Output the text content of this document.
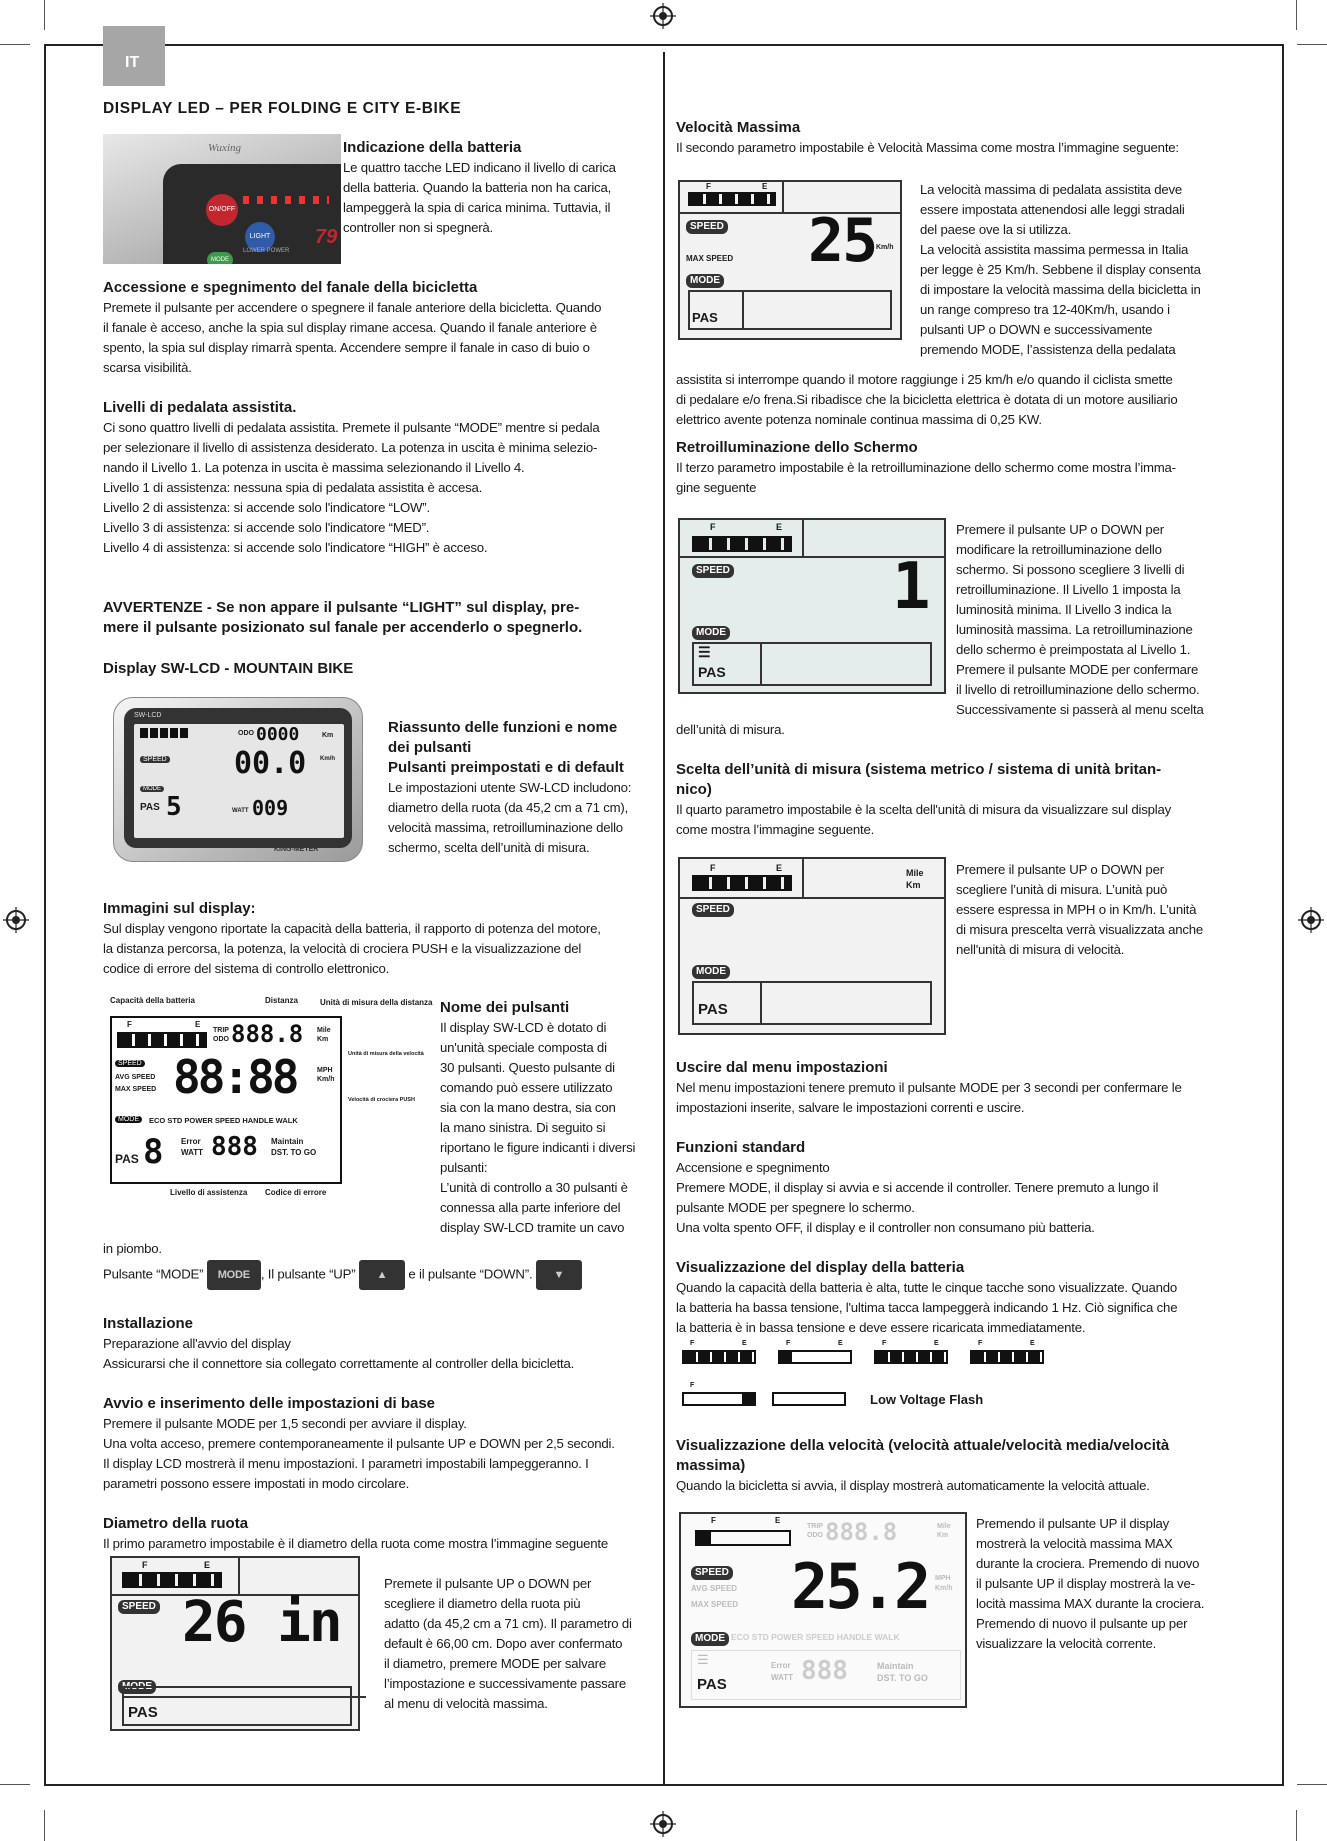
IT
DISPLAY LED – PER FOLDING E CITY E-BIKE
Wuxing
ON/OFF
LIGHT
MODE
LOWER POWER
79
Indicazione della batteria
Le quattro tacche LED indicano il livello di carica
della batteria. Quando la batteria non ha carica,
lampeggerà la spia di carica minima. Tuttavia, il
controller non si spegnerà.
Accessione e spegnimento del fanale della bicicletta
Premete il pulsante per accendere o spegnere il fanale anteriore della bicicletta. Quando
il fanale è acceso, anche la spia sul display rimane accesa. Quando il fanale anteriore è
spento, la spia sul display rimarrà spenta. Accendere sempre il fanale in caso di buio o
scarsa visibilità.
Livelli di pedalata assistita.
Ci sono quattro livelli di pedalata assistita. Premete il pulsante “MODE” mentre si pedala
per selezionare il livello di assistenza desiderato. La potenza in uscita è minima selezio-
nando il Livello 1. La potenza in uscita è massima selezionando il Livello 4.
Livello 1 di assistenza: nessuna spia di pedalata assistita è accesa.
Livello 2 di assistenza: si accende solo l'indicatore “LOW”.
Livello 3 di assistenza: si accende solo l'indicatore “MED”.
Livello 4 di assistenza: si accende solo l'indicatore “HIGH” è acceso.
AVVERTENZE - Se non appare il pulsante “LIGHT” sul display, pre-
mere il pulsante posizionato sul fanale per accenderlo o spegnerlo.
Display SW-LCD - MOUNTAIN BIKE
SW-LCD
ODO 0000	Km
SPEED 00.0 Km/h
MODE
PAS 5	WATT 009
KING-METER
Riassunto delle funzioni e nome
dei pulsanti
Pulsanti preimpostati e di default
Le impostazioni utente SW-LCD includono:
diametro della ruota (da 45,2 cm a 71 cm),
velocità massima, retroilluminazione dello
schermo, scelta dell’unità di misura.
Immagini sul display:
Sul display vengono riportate la capacità della batteria, il rapporto di potenza del motore,
la distanza percorsa, la potenza, la velocità di crociera PUSH e la visualizzazione del
codice di errore del sistema di controllo elettronico.
Capacità della batteria	Distanza	Unità di misura della distanza
Unità di misura della velocità
Velocità di crociera PUSH
Livello di assistenza Codice di errore
F	E
TRIP
ODO 888.8 Mile
Km
SPEED
AVG SPEED
MAX SPEED 88:88	MPH
Km/h
MODE	ECO STD POWER SPEED HANDLE WALK
PAS 8 Error
WATT 888 Maintain
DST. TO GO
Nome dei pulsanti
Il display SW-LCD è dotato di
un'unità speciale composta di
30 pulsanti. Questo pulsante di
comando può essere utilizzato
sia con la mano destra, sia con
la mano sinistra. Di seguito si
riportano le figure indicanti i diversi
pulsanti:
L’unità di controllo a 30 pulsanti è
connessa alla parte inferiore del
display SW-LCD tramite un cavo
in piombo.
Pulsante “MODE” MODE , Il pulsante “UP” ▲ e il pulsante “DOWN”. ▼
Installazione
Preparazione all'avvio del display
Assicurarsi che il connettore sia collegato correttamente al controller della bicicletta.
Avvio e inserimento delle impostazioni di base
Premere il pulsante MODE per 1,5 secondi per avviare il display.
Una volta acceso, premere contemporaneamente il pulsante UP e DOWN per 2,5 secondi.
Il display LCD mostrerà il menu impostazioni. I parametri impostabili lampeggeranno. I
parametri possono essere impostati in modo circolare.
Diametro della ruota
Il primo parametro impostabile è il diametro della ruota come mostra l’immagine seguente
F	E
SPEED 26 in
MODE
PAS
Premete il pulsante UP o DOWN per
scegliere il diametro della ruota più
adatto (da 45,2 cm a 71 cm). Il parametro di
default è 66,00 cm. Dopo aver confermato
il diametro, premere MODE per salvare
l’impostazione e successivamente passare
al menu di velocità massima.
Velocità Massima
Il secondo parametro impostabile è Velocità Massima come mostra l’immagine seguente:
F	E
SPEED
MAX SPEED 25 Km/h
MODE
PAS
La velocità massima di pedalata assistita deve
essere impostata attenendosi alle leggi stradali
del paese ove la si utilizza.
La velocità assistita massima permessa in Italia
per legge è 25 Km/h. Sebbene il display consenta
di impostare la velocità massima della bicicletta in
un range compreso tra 12-40Km/h, usando i
pulsanti UP o DOWN e successivamente
premendo MODE, l’assistenza della pedalata
assistita si interrompe quando il motore raggiunge i 25 km/h e/o quando il ciclista smette
di pedalare e/o frena.Si ribadisce che la bicicletta elettrica è dotata di un motore ausiliario
elettrico avente potenza nominale continua massima di 0,25 KW.
Retroilluminazione dello Schermo
Il terzo parametro impostabile è la retroilluminazione dello schermo come mostra l’imma-
gine seguente
F	E
SPEED	1
MODE
☰
PAS
Premere il pulsante UP o DOWN per
modificare la retroilluminazione dello
schermo. Si possono scegliere 3 livelli di
retroilluminazione. Il Livello 1 imposta la
luminosità minima. Il Livello 3 indica la
luminosità massima. La retroilluminazione
dello schermo è preimpostata al Livello 1.
Premere il pulsante MODE per confermare
il livello di retroilluminazione dello schermo.
Successivamente si passerà al menu scelta
dell’unità di misura.
Scelta dell’unità di misura (sistema metrico / sistema di unità britan-
nico)
Il quarto parametro impostabile è la scelta dell'unità di misura da visualizzare sul display
come mostra l’immagine seguente.
F	E	Mile
Km
SPEED
MODE
PAS
Premere il pulsante UP o DOWN per
scegliere l’unità di misura. L’unità può
essere espressa in MPH o in Km/h. L’unità
di misura prescelta verrà visualizzata anche
nell'unità di misura di velocità.
Uscire dal menu impostazioni
Nel menu impostazioni tenere premuto il pulsante MODE per 3 secondi per confermare le
impostazioni inserite, salvare le impostazioni correnti e uscire.
Funzioni standard
Accensione e spegnimento
Premere MODE, il display si avvia e si accende il controller. Tenere premuto a lungo il
pulsante MODE per spegnere lo schermo.
Una volta spento OFF, il display e il controller non consumano più batteria.
Visualizzazione del display della batteria
Quando la capacità della batteria è alta, tutte le cinque tacche sono visualizzate. Quando
la batteria ha bassa tensione, l'ultima tacca lampeggerà indicando 1 Hz. Ciò significa che
la batteria è in bassa tensione e deve essere ricaricata immediatamente.
F	E	F	E	F	E	F	E
F
Low Voltage Flash
Visualizzazione della velocità (velocità attuale/velocità media/velocità
massima)
Quando la bicicletta si avvia, il display mostrerà automaticamente la velocità attuale.
F	E
TRIP
ODO 888.8	Mile
Km
SPEED
AVG SPEED
MAX SPEED 25.2 MPH
Km/h
MODE ECO STD POWER SPEED HANDLE WALK
☰
PAS
Error
WATT 888	Maintain
DST. TO GO
Premendo il pulsante UP il display
mostrerà la velocità massima MAX
durante la crociera. Premendo di nuovo
il pulsante UP il display mostrerà la ve-
locità massima MAX durante la crociera.
Premendo di nuovo il pulsante up per
visualizzare la velocità corrente.
